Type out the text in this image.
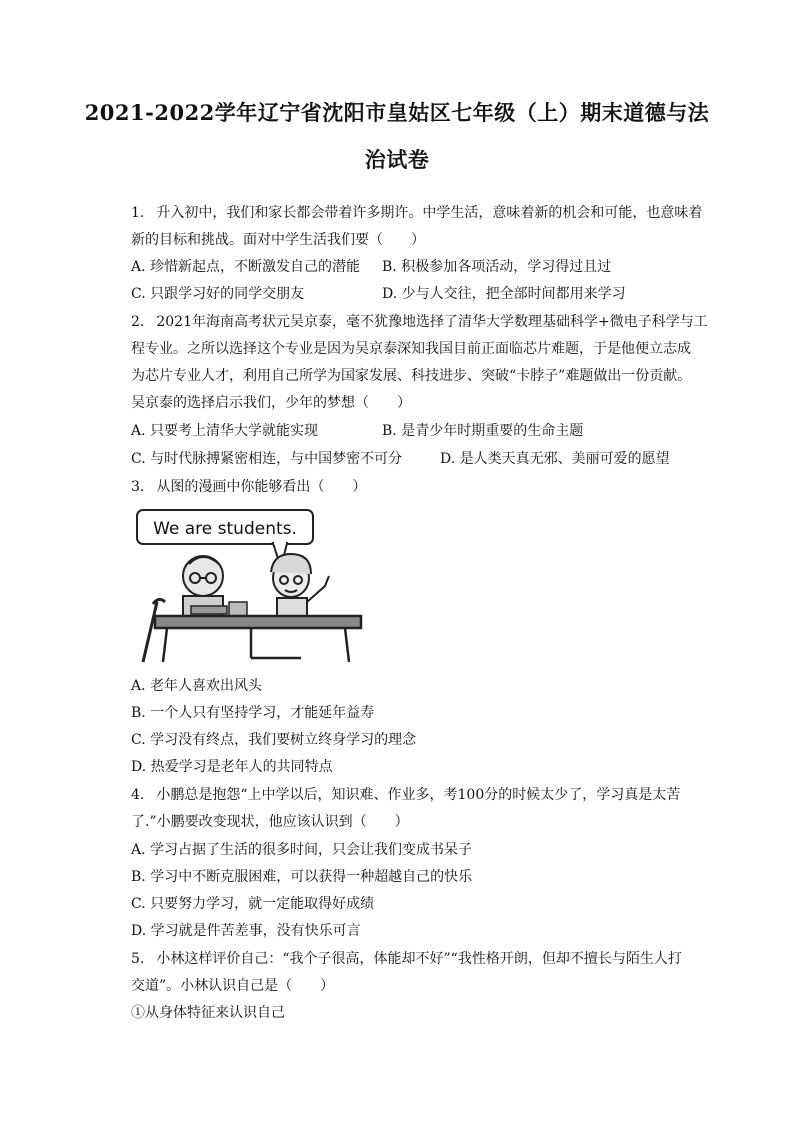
2021-2022学年辽宁省沈阳市皇姑区七年级（上）期末道德与法
治试卷
1. 升入初中，我们和家长都会带着许多期许。中学生活，意味着新的机会和可能，也意味着
新的目标和挑战。面对中学生活我们要（　　）
A. 珍惜新起点，不断激发自己的潜能 B. 积极参加各项活动，学习得过且过
C. 只跟学习好的同学交朋友	D. 少与人交往，把全部时间都用来学习
2. 2021年海南高考状元吴京泰，毫不犹豫地选择了清华大学数理基础科学+微电子科学与工
程专业。之所以选择这个专业是因为吴京泰深知我国目前正面临芯片难题，于是他便立志成
为芯片专业人才，利用自己所学为国家发展、科技进步、突破“卡脖子”难题做出一份贡献。
吴京泰的选择启示我们，少年的梦想（　　）
A. 只要考上清华大学就能实现	B. 是青少年时期重要的生命主题
C. 与时代脉搏紧密相连，与中国梦密不可分	D. 是人类天真无邪、美丽可爱的愿望
3. 从图的漫画中你能够看出（　　）
We are students.
A. 老年人喜欢出风头
B. 一个人只有坚持学习，才能延年益寿
C. 学习没有终点，我们要树立终身学习的理念
D. 热爱学习是老年人的共同特点
4. 小鹏总是抱怨“上中学以后，知识难、作业多，考100分的时候太少了，学习真是太苦
了.”小鹏要改变现状，他应该认识到（　　）
A. 学习占据了生活的很多时间，只会让我们变成书呆子
B. 学习中不断克服困难，可以获得一种超越自己的快乐
C. 只要努力学习，就一定能取得好成绩
D. 学习就是件苦差事，没有快乐可言
5. 小林这样评价自己：“我个子很高，体能却不好”“我性格开朗，但却不擅长与陌生人打
交道”。小林认识自己是（　　）
①从身体特征来认识自己
